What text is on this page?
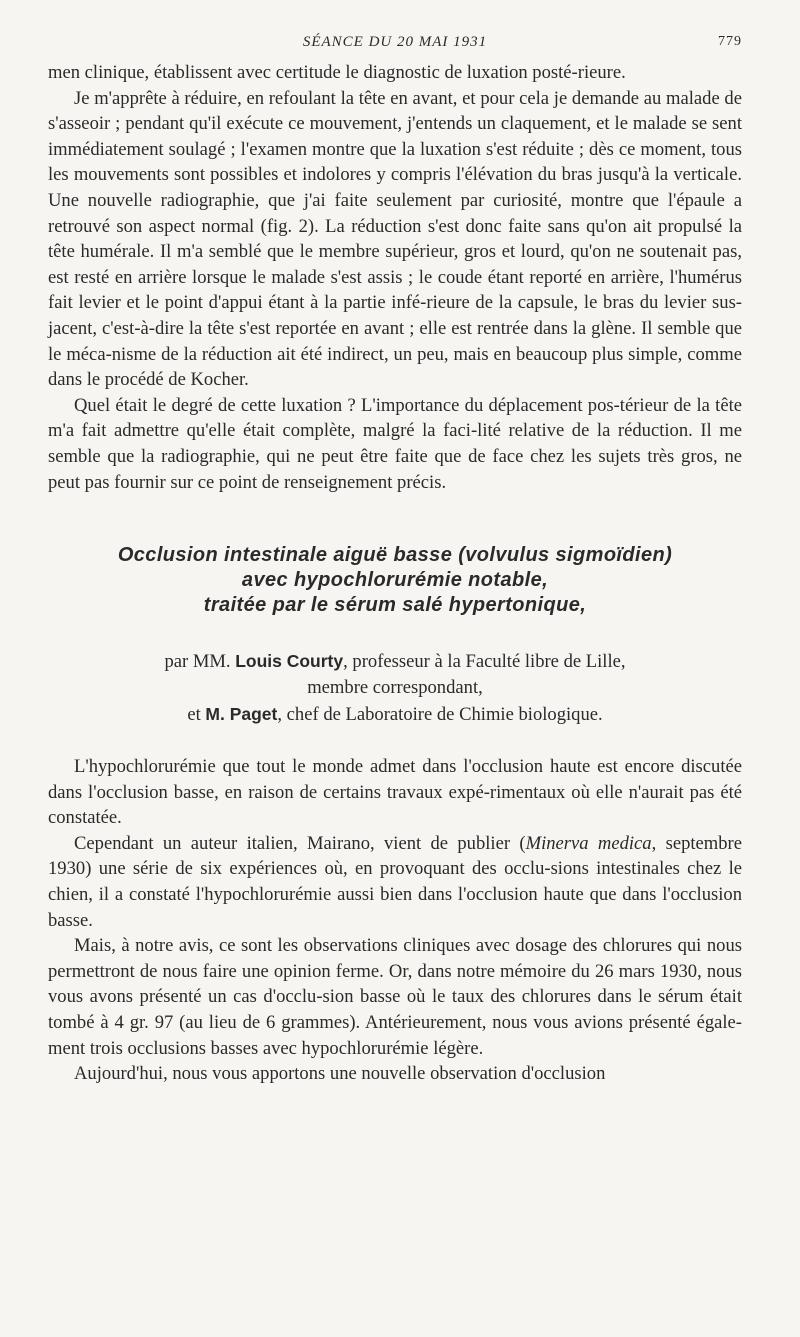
SÉANCE DU 20 MAI 1931	779

men clinique, établissent avec certitude le diagnostic de luxation posté-rieure.

Je m'apprête à réduire, en refoulant la tête en avant, et pour cela je demande au malade de s'asseoir ; pendant qu'il exécute ce mouvement, j'entends un claquement, et le malade se sent immédiatement soulagé ; l'examen montre que la luxation s'est réduite ; dès ce moment, tous les mouvements sont possibles et indolores y compris l'élévation du bras jusqu'à la verticale. Une nouvelle radiographie, que j'ai faite seulement par curiosité, montre que l'épaule a retrouvé son aspect normal (fig. 2). La réduction s'est donc faite sans qu'on ait propulsé la tête humérale. Il m'a semblé que le membre supérieur, gros et lourd, qu'on ne soutenait pas, est resté en arrière lorsque le malade s'est assis ; le coude étant reporté en arrière, l'humérus fait levier et le point d'appui étant à la partie infé-rieure de la capsule, le bras du levier sus-jacent, c'est-à-dire la tête s'est reportée en avant ; elle est rentrée dans la glène. Il semble que le méca-nisme de la réduction ait été indirect, un peu, mais en beaucoup plus simple, comme dans le procédé de Kocher.

Quel était le degré de cette luxation ? L'importance du déplacement pos-térieur de la tête m'a fait admettre qu'elle était complète, malgré la faci-lité relative de la réduction. Il me semble que la radiographie, qui ne peut être faite que de face chez les sujets très gros, ne peut pas fournir sur ce point de renseignement précis.

Occlusion intestinale aiguë basse (volvulus sigmoïdien)
avec hypochlorurémie notable,
traitée par le sérum salé hypertonique,
par MM. Louis Courty, professeur à la Faculté libre de Lille,
membre correspondant,
et M. Paget, chef de Laboratoire de Chimie biologique.

L'hypochlorurémie que tout le monde admet dans l'occlusion haute est encore discutée dans l'occlusion basse, en raison de certains travaux expé-rimentaux où elle n'aurait pas été constatée.

Cependant un auteur italien, Mairano, vient de publier (Minerva medica, septembre 1930) une série de six expériences où, en provoquant des occlu-sions intestinales chez le chien, il a constaté l'hypochlorurémie aussi bien dans l'occlusion haute que dans l'occlusion basse.

Mais, à notre avis, ce sont les observations cliniques avec dosage des chlorures qui nous permettront de nous faire une opinion ferme. Or, dans notre mémoire du 26 mars 1930, nous vous avons présenté un cas d'occlu-sion basse où le taux des chlorures dans le sérum était tombé à 4 gr. 97 (au lieu de 6 grammes). Antérieurement, nous vous avions présenté égale-ment trois occlusions basses avec hypochlorurémie légère.

Aujourd'hui, nous vous apportons une nouvelle observation d'occlusion
